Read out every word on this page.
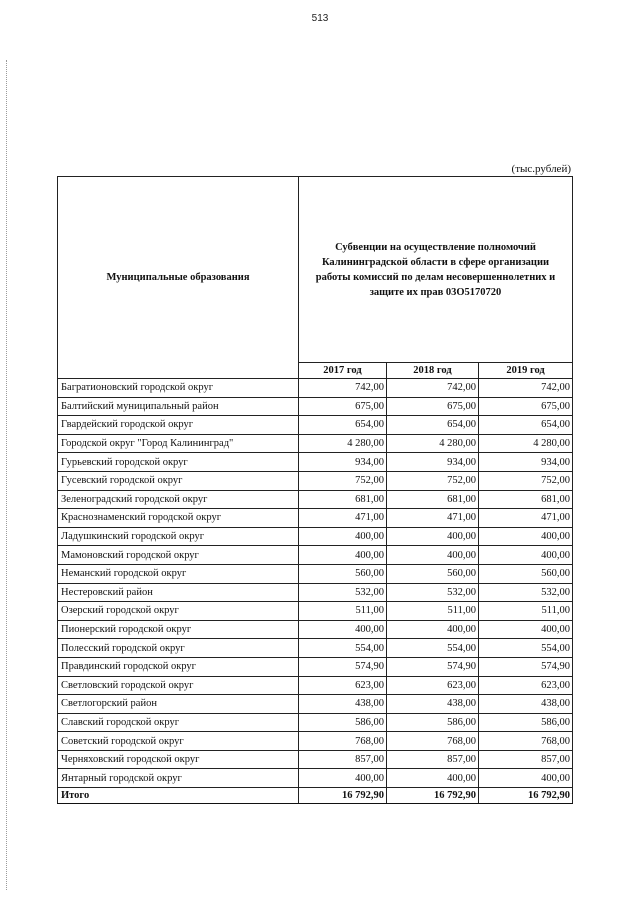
513
(тыс.рублей)
Муниципальные образования	Субвенции на осуществление полномочий Калининградской области в сфере организации работы комиссий по делам несовершеннолетних и защите их прав 03О5170720		
	2017 год	2018 год	2019 год
Багратионовский городской округ	742,00	742,00	742,00
Балтийский муниципальный район	675,00	675,00	675,00
Гвардейский городской округ	654,00	654,00	654,00
Городской округ "Город Калининград"	4 280,00	4 280,00	4 280,00
Гурьевский городской округ	934,00	934,00	934,00
Гусевский городской округ	752,00	752,00	752,00
Зеленоградский городской округ	681,00	681,00	681,00
Краснознаменский городской округ	471,00	471,00	471,00
Ладушкинский городской округ	400,00	400,00	400,00
Мамоновский городской округ	400,00	400,00	400,00
Неманский городской округ	560,00	560,00	560,00
Нестеровский район	532,00	532,00	532,00
Озерский городской округ	511,00	511,00	511,00
Пионерский городской округ	400,00	400,00	400,00
Полесский городской округ	554,00	554,00	554,00
Правдинский городской округ	574,90	574,90	574,90
Светловский городской округ	623,00	623,00	623,00
Светлогорский район	438,00	438,00	438,00
Славский городской округ	586,00	586,00	586,00
Советский городской округ	768,00	768,00	768,00
Черняховский городской округ	857,00	857,00	857,00
Янтарный городской округ	400,00	400,00	400,00
Итого	16 792,90	16 792,90	16 792,90
